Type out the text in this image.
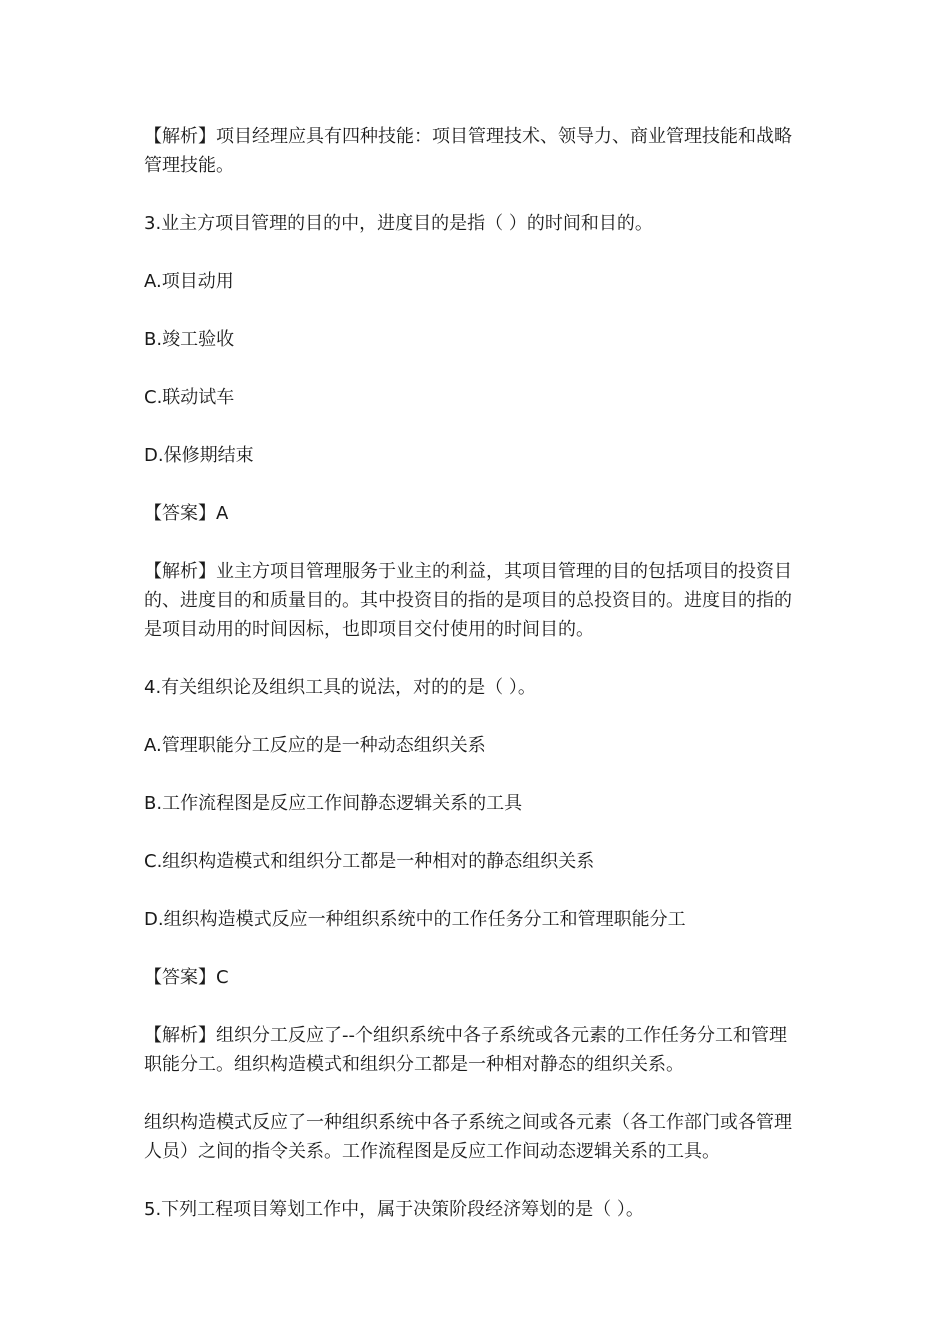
【解析】项目经理应具有四种技能：项目管理技术、领导力、商业管理技能和战略管理技能。

3.业主方项目管理的目的中，进度目的是指（ ）的时间和目的。

A.项目动用

B.竣工验收

C.联动试车

D.保修期结束

【答案】A

【解析】业主方项目管理服务于业主的利益，其项目管理的目的包括项目的投资目的、进度目的和质量目的。其中投资目的指的是项目的总投资目的。进度目的指的是项目动用的时间因标，也即项目交付使用的时间目的。

4.有关组织论及组织工具的说法，对的的是（ ）。

A.管理职能分工反应的是一种动态组织关系

B.工作流程图是反应工作间静态逻辑关系的工具

C.组织构造模式和组织分工都是一种相对的静态组织关系

D.组织构造模式反应一种组织系统中的工作任务分工和管理职能分工

【答案】C

【解析】组织分工反应了--个组织系统中各子系统或各元素的工作任务分工和管理职能分工。组织构造模式和组织分工都是一种相对静态的组织关系。

组织构造模式反应了一种组织系统中各子系统之间或各元素（各工作部门或各管理人员）之间的指令关系。工作流程图是反应工作间动态逻辑关系的工具。

5.下列工程项目筹划工作中，属于决策阶段经济筹划的是（ ）。
